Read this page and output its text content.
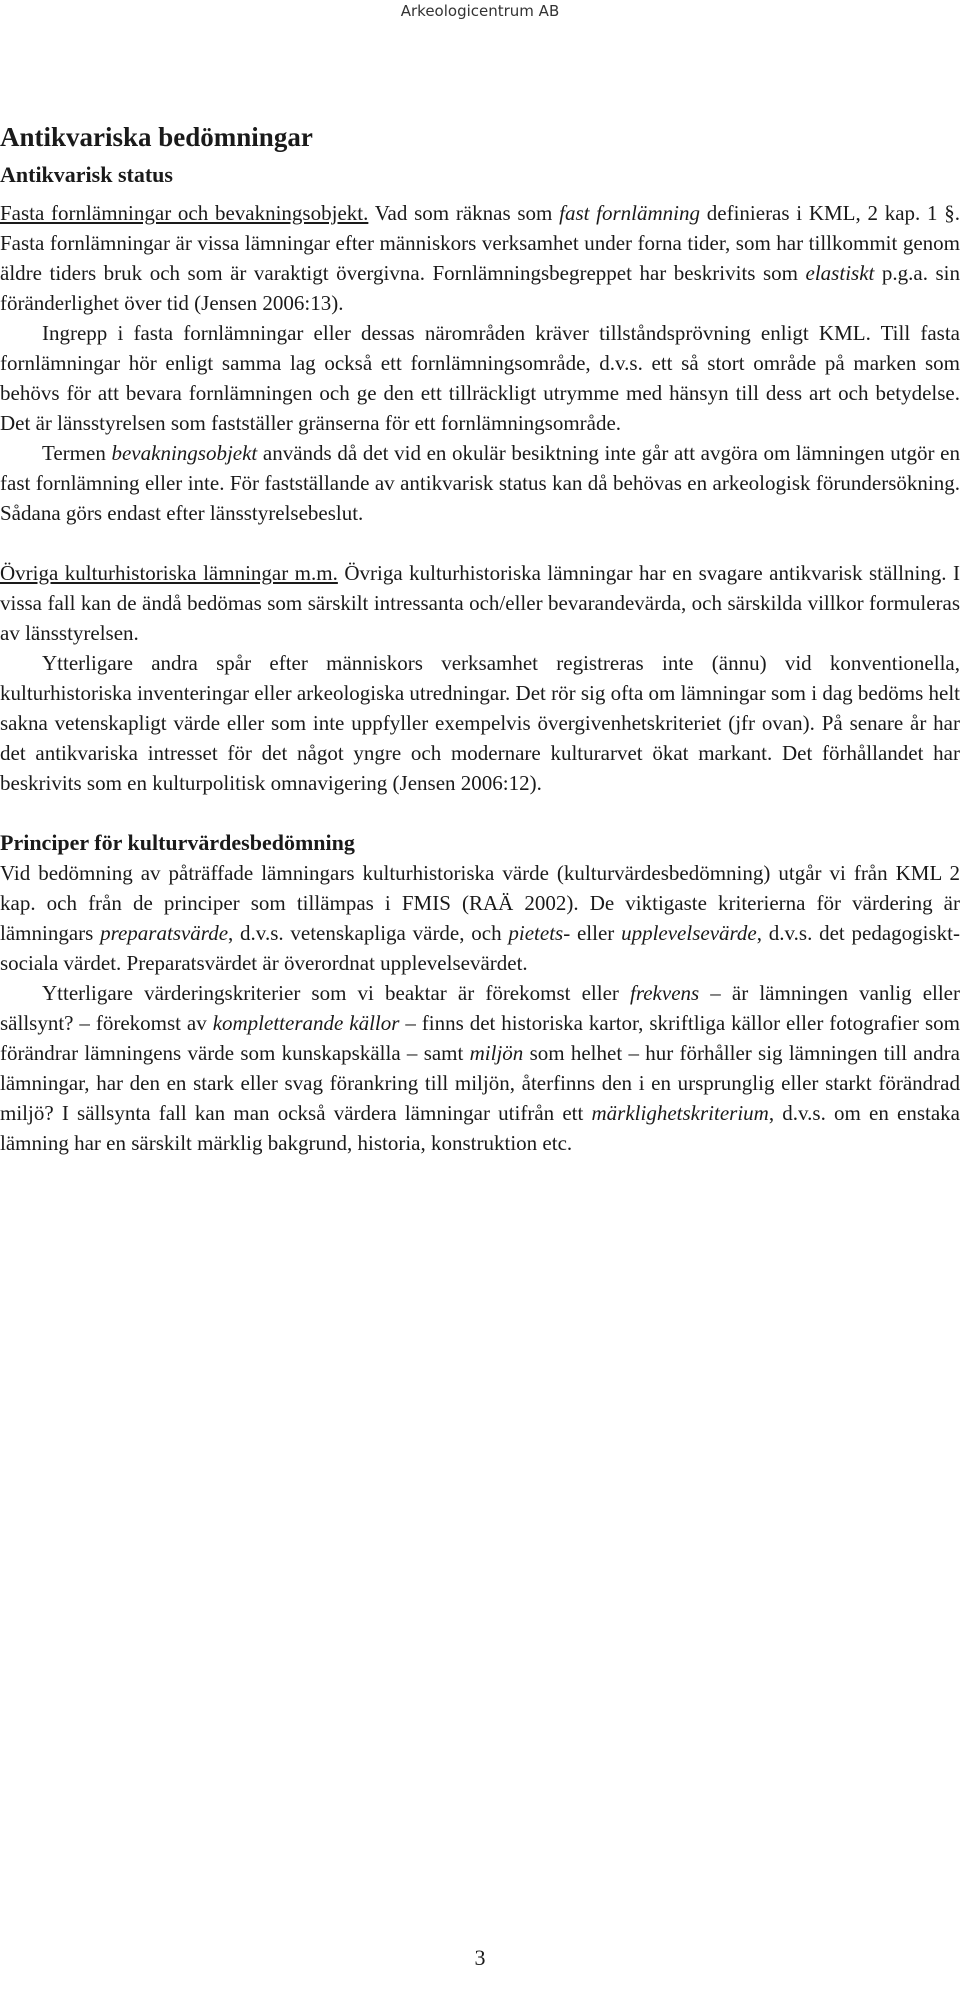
Arkeologicentrum AB
Antikvariska bedömningar
Antikvarisk status

Fasta fornlämningar och bevakningsobjekt. Vad som räknas som fast fornlämning definieras i KML, 2 kap. 1 §. Fasta fornlämningar är vissa lämningar efter människors verksamhet under forna tider, som har tillkommit genom äldre tiders bruk och som är varaktigt övergivna. Fornlämningsbegreppet har beskrivits som elastiskt p.g.a. sin föränderlighet över tid (Jensen 2006:13).

Ingrepp i fasta fornlämningar eller dessas närområden kräver tillståndsprövning enligt KML. Till fasta fornlämningar hör enligt samma lag också ett fornlämningsområde, d.v.s. ett så stort område på marken som behövs för att bevara fornlämningen och ge den ett tillräckligt utrymme med hänsyn till dess art och betydelse. Det är länsstyrelsen som fastställer gränserna för ett fornlämningsområde.

Termen bevakningsobjekt används då det vid en okulär besiktning inte går att avgöra om lämningen utgör en fast fornlämning eller inte. För fastställande av antikvarisk status kan då behövas en arkeologisk förundersökning. Sådana görs endast efter länsstyrelsebeslut.

Övriga kulturhistoriska lämningar m.m. Övriga kulturhistoriska lämningar har en svagare antikvarisk ställning. I vissa fall kan de ändå bedömas som särskilt intressanta och/eller bevarandevärda, och särskilda villkor formuleras av länsstyrelsen.

Ytterligare andra spår efter människors verksamhet registreras inte (ännu) vid konventionella, kulturhistoriska inventeringar eller arkeologiska utredningar. Det rör sig ofta om lämningar som i dag bedöms helt sakna vetenskapligt värde eller som inte uppfyller exempelvis övergivenhetskriteriet (jfr ovan). På senare år har det antikvariska intresset för det något yngre och modernare kulturarvet ökat markant. Det förhållandet har beskrivits som en kulturpolitisk omnavigering (Jensen 2006:12).

Principer för kulturvärdesbedömning

Vid bedömning av påträffade lämningars kulturhistoriska värde (kulturvärdesbedömning) utgår vi från KML 2 kap. och från de principer som tillämpas i FMIS (RAÄ 2002). De viktigaste kriterierna för värdering är lämningars preparatsvärde, d.v.s. vetenskapliga värde, och pietets- eller upplevelsevärde, d.v.s. det pedagogiskt-sociala värdet. Preparatsvärdet är överordnat upplevelsevärdet.

Ytterligare värderingskriterier som vi beaktar är förekomst eller frekvens – är lämningen vanlig eller sällsynt? – förekomst av kompletterande källor – finns det historiska kartor, skriftliga källor eller fotografier som förändrar lämningens värde som kunskapskälla – samt miljön som helhet – hur förhåller sig lämningen till andra lämningar, har den en stark eller svag förankring till miljön, återfinns den i en ursprunglig eller starkt förändrad miljö? I sällsynta fall kan man också värdera lämningar utifrån ett märklighetskriterium, d.v.s. om en enstaka lämning har en särskilt märklig bakgrund, historia, konstruktion etc.

3
